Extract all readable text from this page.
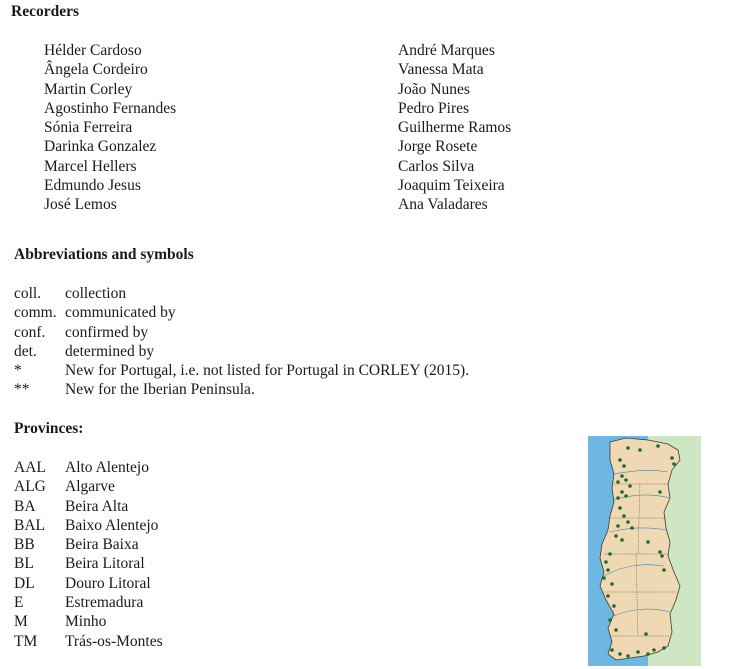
Recorders
Hélder Cardoso
Ângela Cordeiro
Martin Corley
Agostinho Fernandes
Sónia Ferreira
Darinka Gonzalez
Marcel Hellers
Edmundo Jesus
José Lemos
André Marques
Vanessa Mata
João Nunes
Pedro Pires
Guilherme Ramos
Jorge Rosete
Carlos Silva
Joaquim Teixeira
Ana Valadares
Abbreviations and symbols
coll. collection
comm. communicated by
conf. confirmed by
det. determined by
*	New for Portugal, i.e. not listed for Portugal in CORLEY (2015).
** New for the Iberian Peninsula.
Provinces:
AAL Alto Alentejo
ALG Algarve
BA Beira Alta
BAL Baixo Alentejo
BB Beira Baixa
BL Beira Litoral
DL Douro Litoral
E	Estremadura
M Minho
TM Trás-os-Montes
